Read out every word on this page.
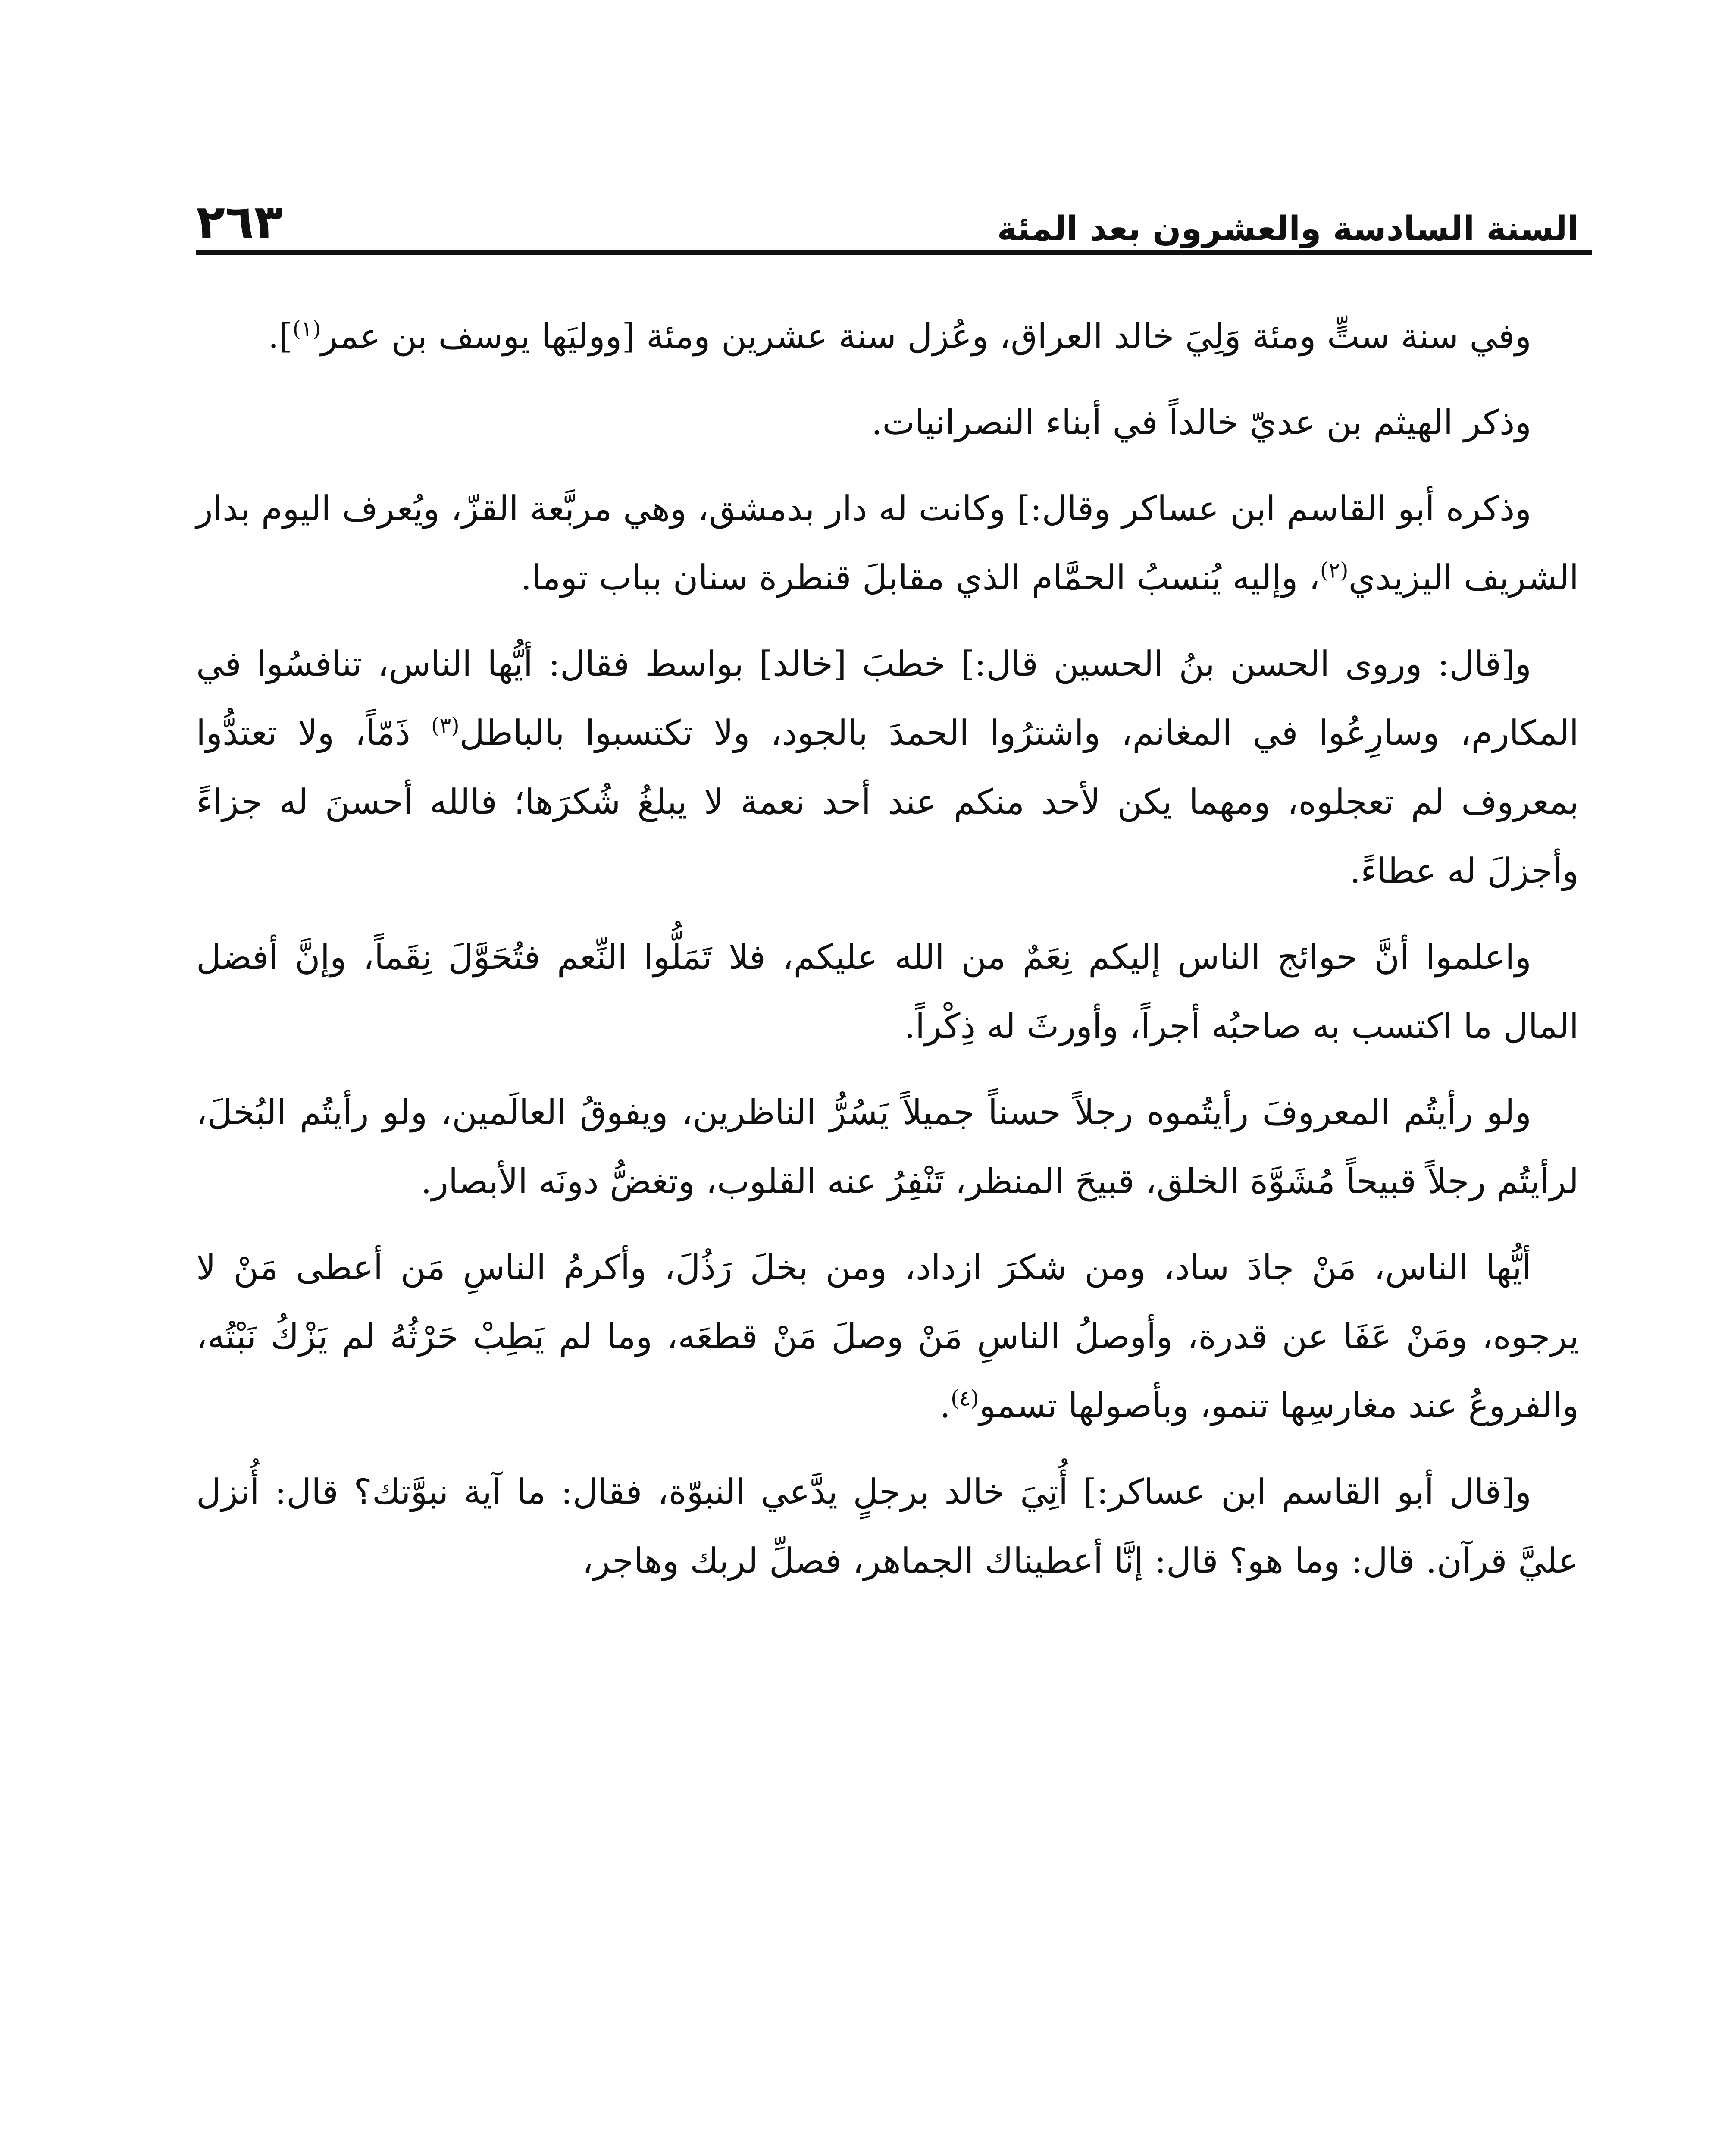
السنة السادسة والعشرون بعد المئة
٢٦٣

وفي سنة ستٍّ ومئة وَلِيَ خالد العراق، وعُزل سنة عشرين ومئة [ووليَها يوسف بن عمر$^{(١)}$].

وذكر الهيثم بن عديّ خالداً في أبناء النصرانيات.

وذكره أبو القاسم ابن عساكر وقال:] وكانت له دار بدمشق، وهي مربَّعة القزّ، ويُعرف اليوم بدار الشريف اليزيدي$^{(٢)}$، وإليه يُنسبُ الحمَّام الذي مقابلَ قنطرة سنان بباب توما.

و[قال: وروى الحسن بنُ الحسين قال:] خطبَ [خالد] بواسط فقال: أيُّها الناس، تنافسُوا في المكارم، وسارِعُوا في المغانم، واشترُوا الحمدَ بالجود، ولا تكتسبوا بالباطل$^{(٣)}$ ذَمّاً، ولا تعتدُّوا بمعروف لم تعجلوه، ومهما يكن لأحد منكم عند أحد نعمة لا يبلغُ شُكرَها؛ فالله أحسنَ له جزاءً وأجزلَ له عطاءً.

واعلموا أنَّ حوائج الناس إليكم نِعَمٌ من الله عليكم، فلا تَمَلُّوا النِّعم فتُحَوَّلَ نِقَماً، وإنَّ أفضل المال ما اكتسب به صاحبُه أجراً، وأورثَ له ذِكْراً.

ولو رأيتُم المعروفَ رأيتُموه رجلاً حسناً جميلاً يَسُرُّ الناظرين، ويفوقُ العالَمين، ولو رأيتُم البُخلَ، لرأيتُم رجلاً قبيحاً مُشَوَّهَ الخلق، قبيحَ المنظر، تَنْفِرُ عنه القلوب، وتغضُّ دونَه الأبصار.

أيُّها الناس، مَنْ جادَ ساد، ومن شكرَ ازداد، ومن بخلَ رَذُلَ، وأكرمُ الناسِ مَن أعطى مَنْ لا يرجوه، ومَنْ عَفَا عن قدرة، وأوصلُ الناسِ مَنْ وصلَ مَنْ قطعَه، وما لم يَطِبْ حَرْثُهُ لم يَزْكُ نَبْتُه، والفروعُ عند مغارسِها تنمو، وبأصولها تسمو$^{(٤)}$.

و[قال أبو القاسم ابن عساكر:] أُتِيَ خالد برجلٍ يدَّعي النبوّة، فقال: ما آية نبوَّتك؟ قال: أُنزل عليَّ قرآن. قال: وما هو؟ قال: إنَّا أعطيناك الجماهر، فصلِّ لربك وهاجر،
